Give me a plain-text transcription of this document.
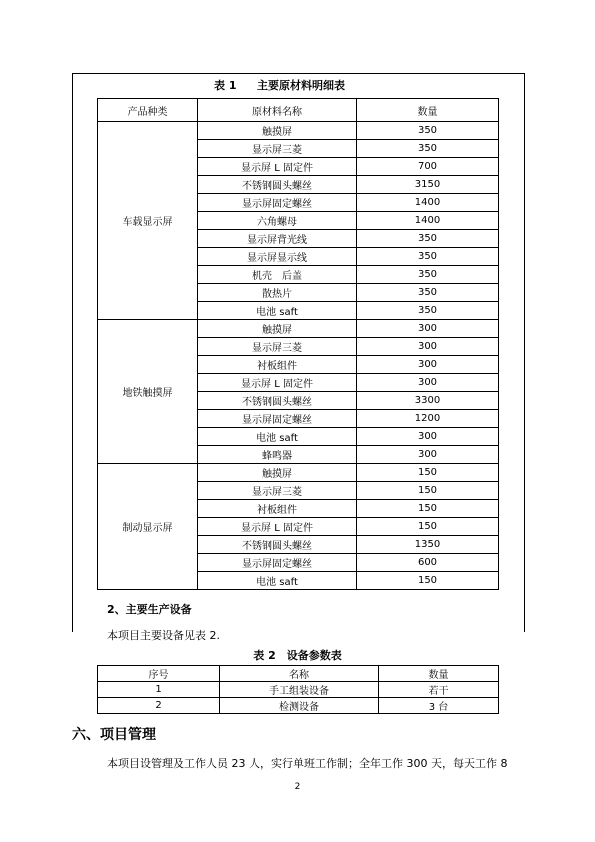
表 1 主要原材料明细表
产品种类	原材料名称	数量
车载显示屏	触摸屏	350
	显示屏三菱	350
	显示屏 L 固定件	700
	不锈钢圆头螺丝	3150
	显示屏固定螺丝	1400
	六角螺母	1400
	显示屏背光线	350
	显示屏显示线	350
	机壳　后盖	350
	散热片	350
	电池 saft	350
地铁触摸屏	触摸屏	300
	显示屏三菱	300
	衬板组件	300
	显示屏 L 固定件	300
	不锈钢圆头螺丝	3300
	显示屏固定螺丝	1200
	电池 saft	300
	蜂鸣器	300
制动显示屏	触摸屏	150
	显示屏三菱	150
	衬板组件	150
	显示屏 L 固定件	150
	不锈钢圆头螺丝	1350
	显示屏固定螺丝	600
	电池 saft	150
2、主要生产设备
本项目主要设备见表 2.
表 2　设备参数表
序号	名称	数量
1	手工组装设备	若干
2	检测设备	3 台
六、项目管理
本项目设管理及工作人员 23 人，实行单班工作制；全年工作 300 天，每天工作 8
2
